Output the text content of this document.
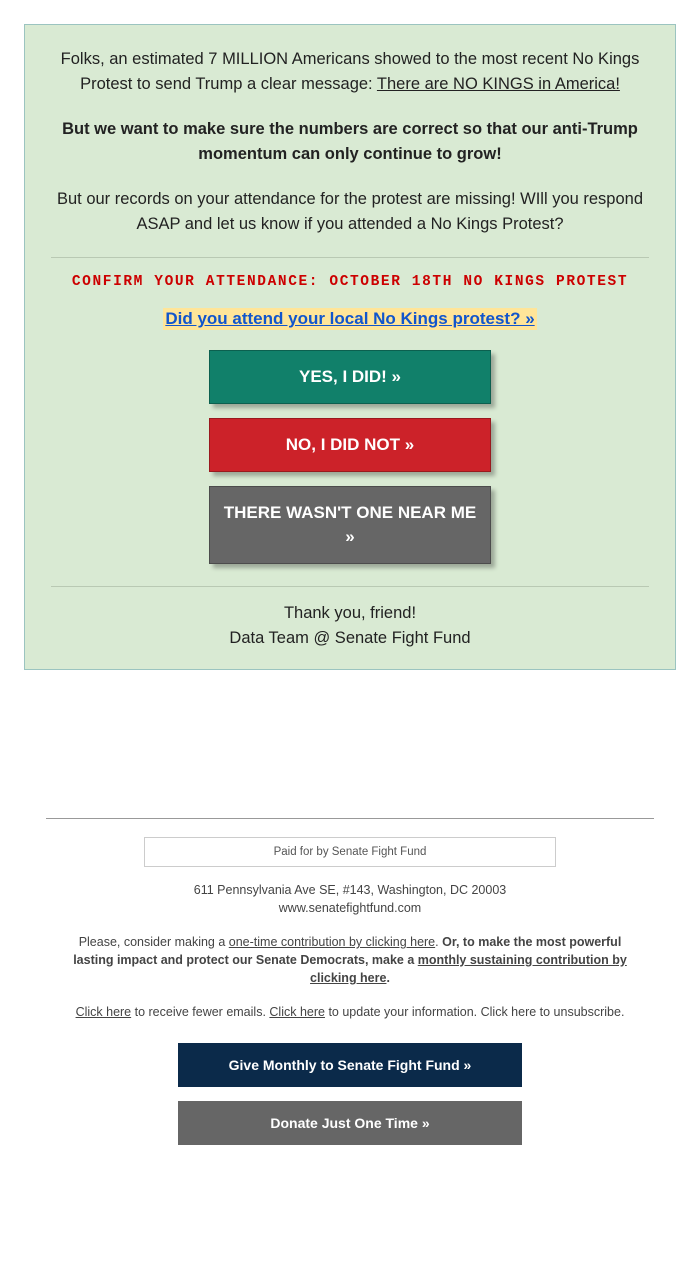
Folks, an estimated 7 MILLION Americans showed to the most recent No Kings Protest to send Trump a clear message: There are NO KINGS in America!

But we want to make sure the numbers are correct so that our anti-Trump momentum can only continue to grow!

But our records on your attendance for the protest are missing! WIll you respond ASAP and let us know if you attended a No Kings Protest?

CONFIRM YOUR ATTENDANCE: OCTOBER 18TH NO KINGS PROTEST
Did you attend your local No Kings protest? »
YES, I DID! »
NO, I DID NOT »
THERE WASN'T ONE NEAR ME »
Thank you, friend!
Data Team @ Senate Fight Fund
Paid for by Senate Fight Fund
611 Pennsylvania Ave SE, #143, Washington, DC 20003
www.senatefightfund.com
Please, consider making a one-time contribution by clicking here. Or, to make the most powerful lasting impact and protect our Senate Democrats, make a monthly sustaining contribution by clicking here.
Click here to receive fewer emails. Click here to update your information. Click here to unsubscribe.
Give Monthly to Senate Fight Fund »
Donate Just One Time »
